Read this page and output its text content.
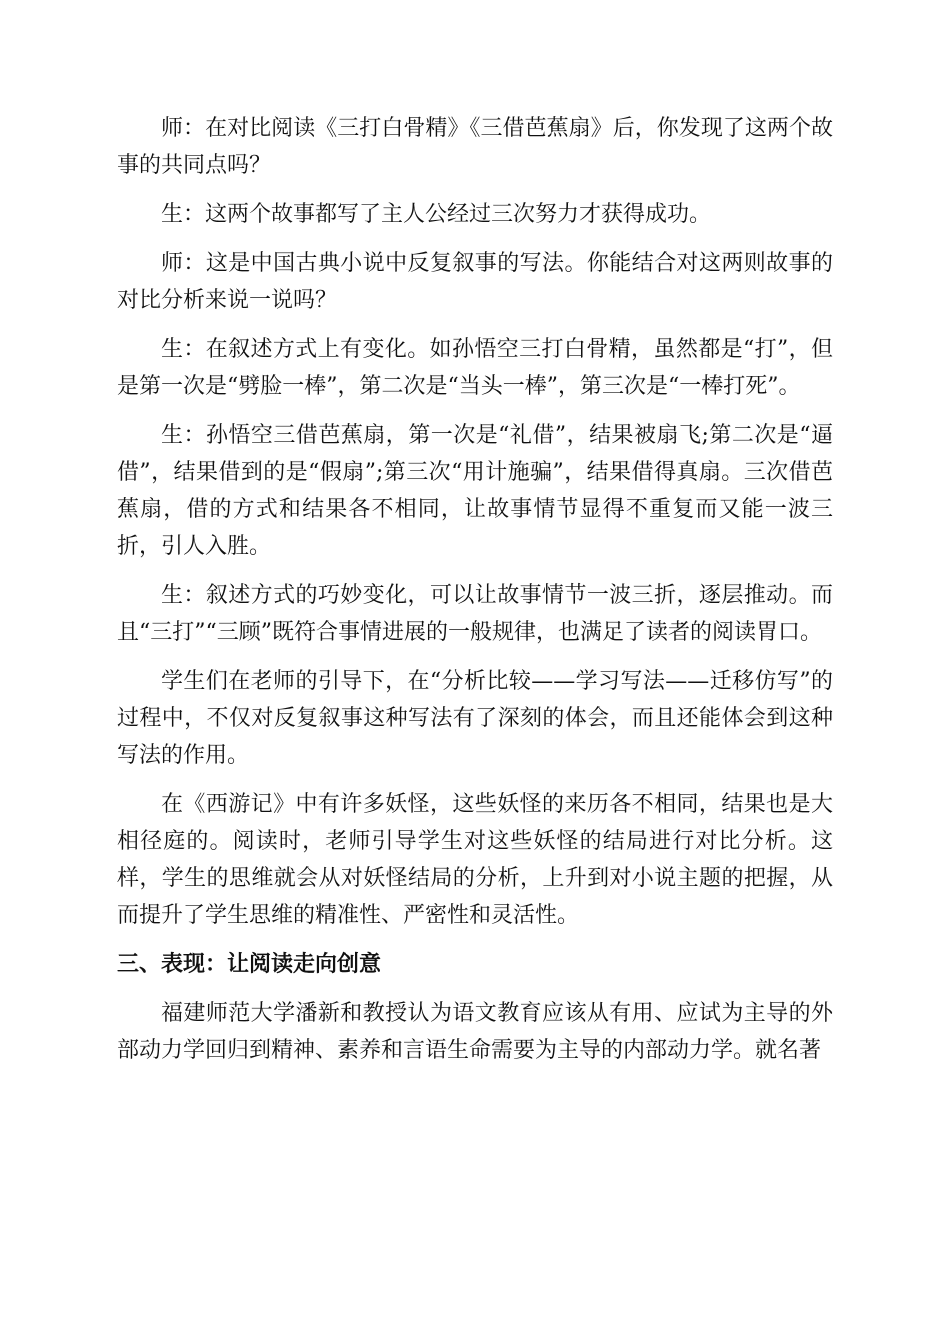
师：在对比阅读《三打白骨精》《三借芭蕉扇》后，你发现了这两个故事的共同点吗？

生：这两个故事都写了主人公经过三次努力才获得成功。

师：这是中国古典小说中反复叙事的写法。你能结合对这两则故事的对比分析来说一说吗？

生：在叙述方式上有变化。如孙悟空三打白骨精，虽然都是“打”，但是第一次是“劈脸一棒”，第二次是“当头一棒”，第三次是“一棒打死”。

生：孙悟空三借芭蕉扇，第一次是“礼借”，结果被扇飞;第二次是“逼借”，结果借到的是“假扇”;第三次“用计施骗”，结果借得真扇。三次借芭蕉扇，借的方式和结果各不相同，让故事情节显得不重复而又能一波三折，引人入胜。

生：叙述方式的巧妙变化，可以让故事情节一波三折，逐层推动。而且“三打”“三顾”既符合事情进展的一般规律，也满足了读者的阅读胃口。

学生们在老师的引导下，在“分析比较——学习写法——迁移仿写”的过程中，不仅对反复叙事这种写法有了深刻的体会，而且还能体会到这种写法的作用。

在《西游记》中有许多妖怪，这些妖怪的来历各不相同，结果也是大相径庭的。阅读时，老师引导学生对这些妖怪的结局进行对比分析。这样，学生的思维就会从对妖怪结局的分析，上升到对小说主题的把握，从而提升了学生思维的精准性、严密性和灵活性。

三、表现：让阅读走向创意

福建师范大学潘新和教授认为语文教育应该从有用、应试为主导的外部动力学回归到精神、素养和言语生命需要为主导的内部动力学。就名著
